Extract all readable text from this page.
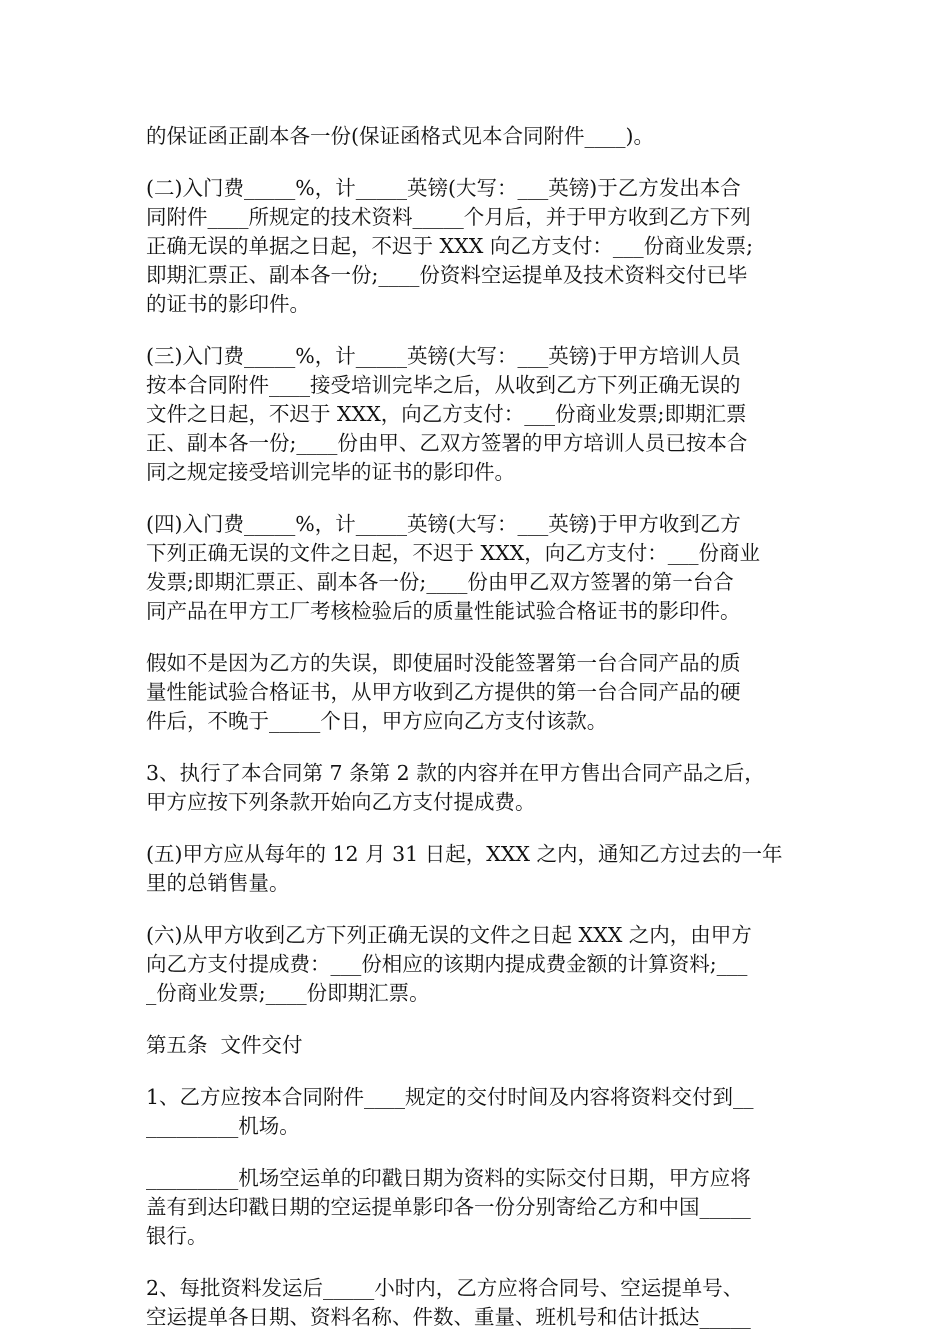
的保证函正副本各一份(保证函格式见本合同附件____)。
(二)入门费_____%，计_____英镑(大写：___英镑)于乙方发出本合
同附件____所规定的技术资料_____个月后，并于甲方收到乙方下列
正确无误的单据之日起，不迟于 XXX 向乙方支付：___份商业发票;
即期汇票正、副本各一份;____份资料空运提单及技术资料交付已毕
的证书的影印件。
(三)入门费_____%，计_____英镑(大写：___英镑)于甲方培训人员
按本合同附件____接受培训完毕之后，从收到乙方下列正确无误的
文件之日起，不迟于 XXX，向乙方支付：___份商业发票;即期汇票
正、副本各一份;____份由甲、乙双方签署的甲方培训人员已按本合
同之规定接受培训完毕的证书的影印件。
(四)入门费_____%，计_____英镑(大写：___英镑)于甲方收到乙方
下列正确无误的文件之日起，不迟于 XXX，向乙方支付：___份商业
发票;即期汇票正、副本各一份;____份由甲乙双方签署的第一台合
同产品在甲方工厂考核检验后的质量性能试验合格证书的影印件。
假如不是因为乙方的失误，即使届时没能签署第一台合同产品的质
量性能试验合格证书，从甲方收到乙方提供的第一台合同产品的硬
件后，不晚于_____个日，甲方应向乙方支付该款。
3、执行了本合同第 7 条第 2 款的内容并在甲方售出合同产品之后，
甲方应按下列条款开始向乙方支付提成费。
(五)甲方应从每年的 12 月 31 日起，XXX 之内，通知乙方过去的一年
里的总销售量。
(六)从甲方收到乙方下列正确无误的文件之日起 XXX 之内，由甲方
向乙方支付提成费：___份相应的该期内提成费金额的计算资料;___
_份商业发票;____份即期汇票。
第五条  文件交付
1、乙方应按本合同附件____规定的交付时间及内容将资料交付到__
_________机场。
_________机场空运单的印戳日期为资料的实际交付日期，甲方应将
盖有到达印戳日期的空运提单影印各一份分别寄给乙方和中国_____
银行。
2、每批资料发运后_____小时内，乙方应将合同号、空运提单号、
空运提单各日期、资料名称、件数、重量、班机号和估计抵达_____
